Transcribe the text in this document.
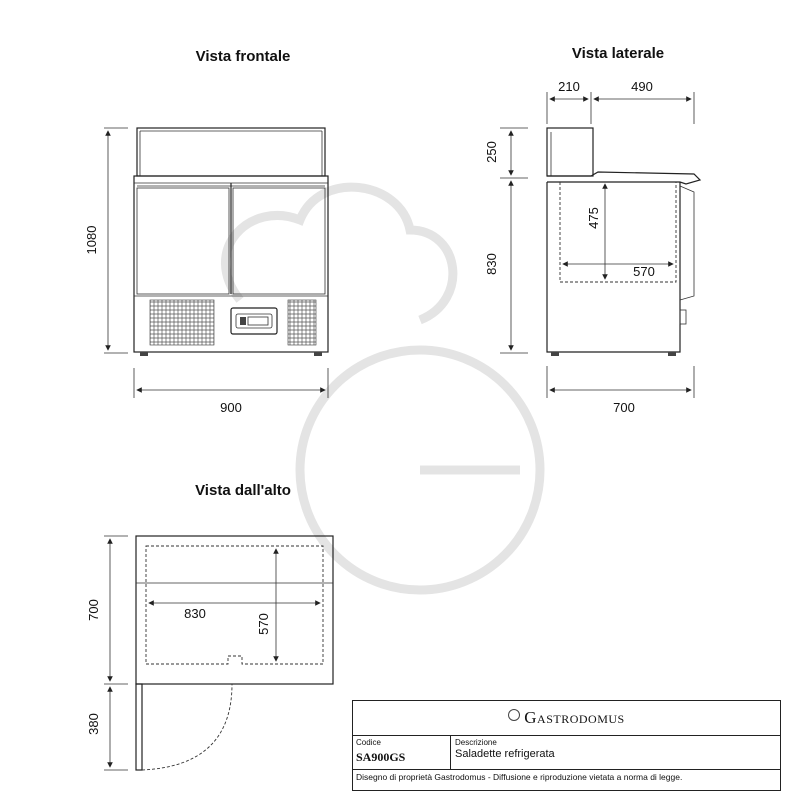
Vista frontale
1080
900
Vista laterale
210	490
475
570
250
830
700
Vista dall'alto
830	570
700
380	Gastrodomus
Codice
SA900GS
Descrizione
Saladette refrigerata
Disegno di proprietà Gastrodomus - Diffusione e riproduzione vietata a norma di legge.
